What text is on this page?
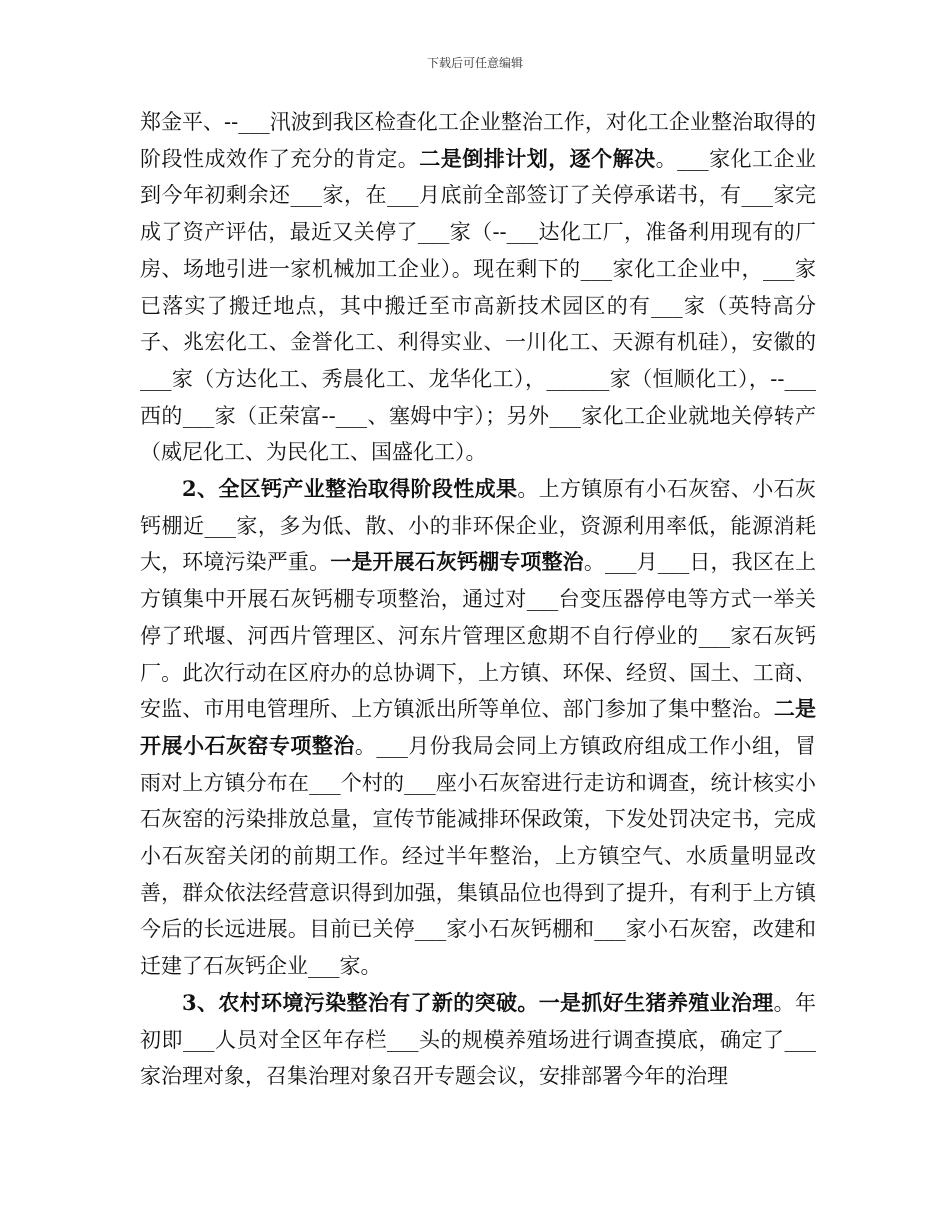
下载后可任意编辑

郑金平、--___汛波到我区检查化工企业整治工作，对化工企业整治取得的阶段性成效作了充分的肯定。二是倒排计划，逐个解决。___家化工企业到今年初剩余还___家，在___月底前全部签订了关停承诺书，有___家完成了资产评估，最近又关停了___家（--___达化工厂，准备利用现有的厂房、场地引进一家机械加工企业）。现在剩下的___家化工企业中，___家已落实了搬迁地点，其中搬迁至市高新技术园区的有___家（英特高分子、兆宏化工、金誉化工、利得实业、一川化工、天源有机硅），安徽的___家（方达化工、秀晨化工、龙华化工），______家（恒顺化工），--___西的___家（正荣富--___、塞姆中宇）；另外___家化工企业就地关停转产（威尼化工、为民化工、国盛化工）。

2、全区钙产业整治取得阶段性成果。上方镇原有小石灰窑、小石灰钙棚近___家，多为低、散、小的非环保企业，资源利用率低，能源消耗大，环境污染严重。一是开展石灰钙棚专项整治。___月___日，我区在上方镇集中开展石灰钙棚专项整治，通过对___台变压器停电等方式一举关停了玳堰、河西片管理区、河东片管理区愈期不自行停业的___家石灰钙厂。此次行动在区府办的总协调下，上方镇、环保、经贸、国土、工商、安监、市用电管理所、上方镇派出所等单位、部门参加了集中整治。二是开展小石灰窑专项整治。___月份我局会同上方镇政府组成工作小组，冒雨对上方镇分布在___个村的___座小石灰窑进行走访和调查，统计核实小石灰窑的污染排放总量，宣传节能减排环保政策，下发处罚决定书，完成小石灰窑关闭的前期工作。经过半年整治，上方镇空气、水质量明显改善，群众依法经营意识得到加强，集镇品位也得到了提升，有利于上方镇今后的长远进展。目前已关停___家小石灰钙棚和___家小石灰窑，改建和迁建了石灰钙企业___家。

3、农村环境污染整治有了新的突破。一是抓好生猪养殖业治理。年初即___人员对全区年存栏___头的规模养殖场进行调查摸底，确定了___家治理对象，召集治理对象召开专题会议，安排部署今年的治理
